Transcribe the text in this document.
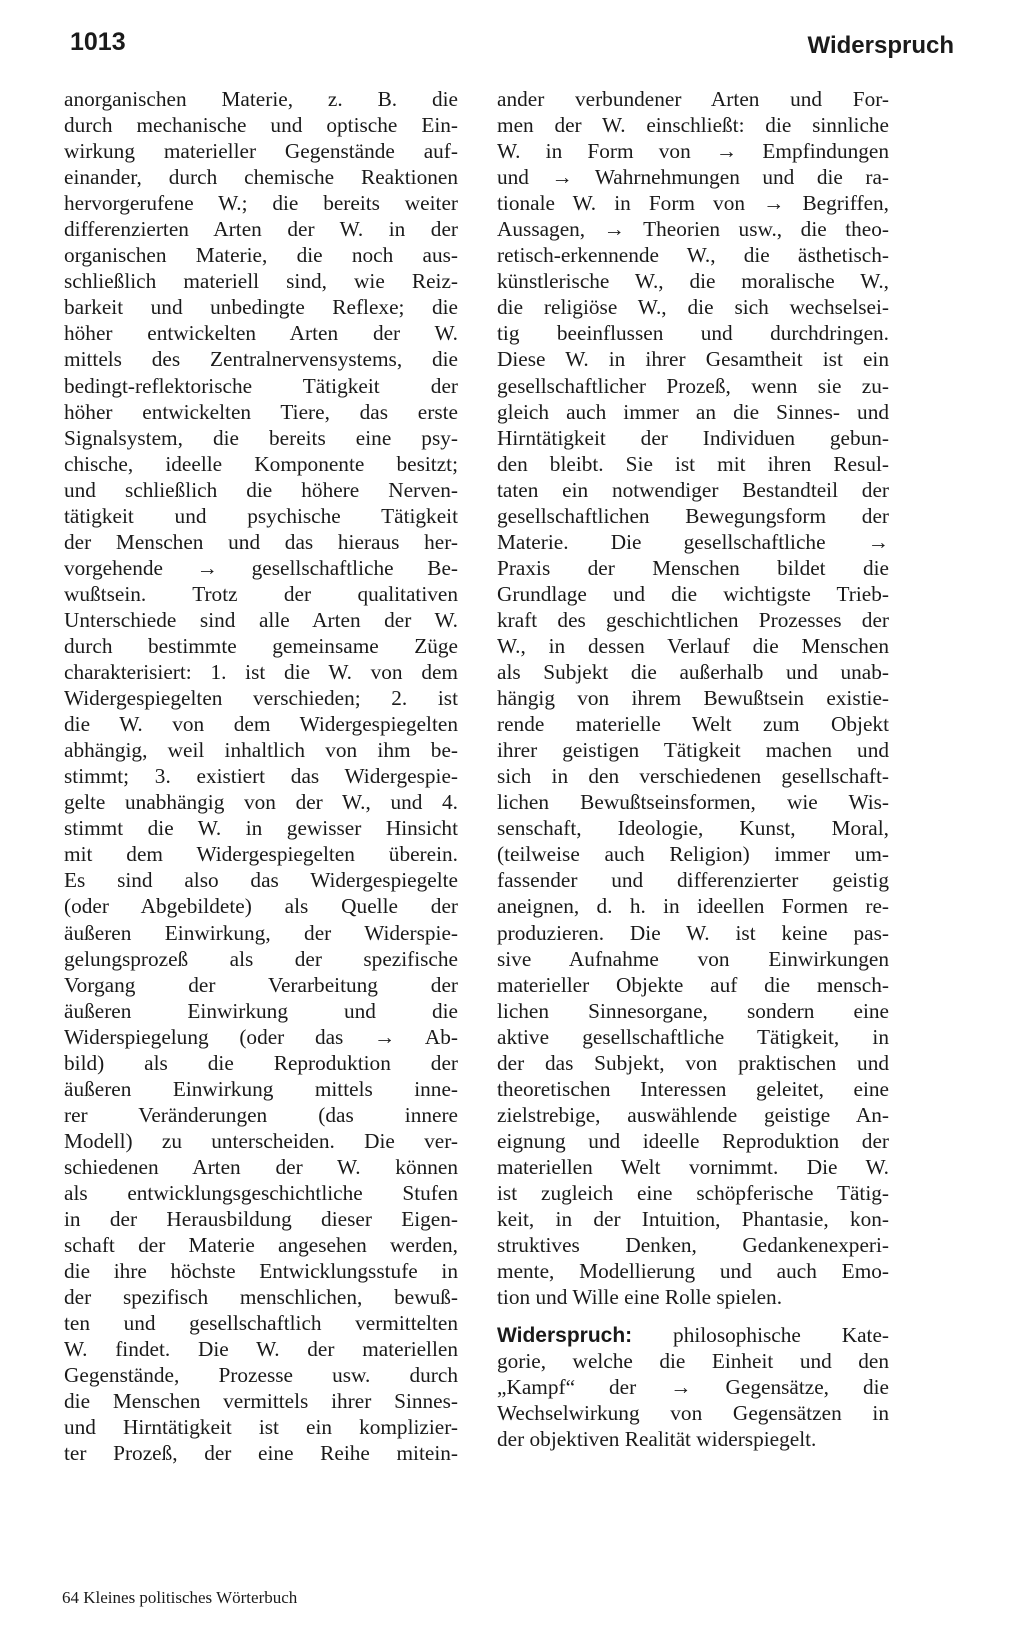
1013	Widerspruch
anorganischen Materie, z. B. die
durch mechanische und optische Ein-
wirkung materieller Gegenstände auf-
einander, durch chemische Reaktionen
hervorgerufene W.; die bereits weiter
differenzierten Arten der W. in der
organischen Materie, die noch aus-
schließlich materiell sind, wie Reiz-
barkeit und unbedingte Reflexe; die
höher entwickelten Arten der W.
mittels des Zentralnervensystems, die
bedingt-reflektorische Tätigkeit der
höher entwickelten Tiere, das erste
Signalsystem, die bereits eine psy-
chische, ideelle Komponente besitzt;
und schließlich die höhere Nerven-
tätigkeit und psychische Tätigkeit
der Menschen und das hieraus her-
vorgehende → gesellschaftliche Be-
wußtsein. Trotz der qualitativen
Unterschiede sind alle Arten der W.
durch bestimmte gemeinsame Züge
charakterisiert: 1. ist die W. von dem
Widergespiegelten verschieden; 2. ist
die W. von dem Widergespiegelten
abhängig, weil inhaltlich von ihm be-
stimmt; 3. existiert das Widergespie-
gelte unabhängig von der W., und 4.
stimmt die W. in gewisser Hinsicht
mit dem Widergespiegelten überein.
Es sind also das Widergespiegelte
(oder Abgebildete) als Quelle der
äußeren Einwirkung, der Widerspie-
gelungsprozeß als der spezifische
Vorgang der Verarbeitung der
äußeren Einwirkung und die
Widerspiegelung (oder das → Ab-
bild) als die Reproduktion der
äußeren Einwirkung mittels inne-
rer Veränderungen (das innere
Modell) zu unterscheiden. Die ver-
schiedenen Arten der W. können
als entwicklungsgeschichtliche Stufen
in der Herausbildung dieser Eigen-
schaft der Materie angesehen werden,
die ihre höchste Entwicklungsstufe in
der spezifisch menschlichen, bewuß-
ten und gesellschaftlich vermittelten
W. findet. Die W. der materiellen
Gegenstände, Prozesse usw. durch
die Menschen vermittels ihrer Sinnes-
und Hirntätigkeit ist ein komplizier-
ter Prozeß, der eine Reihe mitein-
ander verbundener Arten und For-
men der W. einschließt: die sinnliche
W. in Form von → Empfindungen
und → Wahrnehmungen und die ra-
tionale W. in Form von → Begriffen,
Aussagen, → Theorien usw., die theo-
retisch-erkennende W., die ästhetisch-
künstlerische W., die moralische W.,
die religiöse W., die sich wechselsei-
tig beeinflussen und durchdringen.
Diese W. in ihrer Gesamtheit ist ein
gesellschaftlicher Prozeß, wenn sie zu-
gleich auch immer an die Sinnes- und
Hirntätigkeit der Individuen gebun-
den bleibt. Sie ist mit ihren Resul-
taten ein notwendiger Bestandteil der
gesellschaftlichen Bewegungsform der
Materie. Die gesellschaftliche →
Praxis der Menschen bildet die
Grundlage und die wichtigste Trieb-
kraft des geschichtlichen Prozesses der
W., in dessen Verlauf die Menschen
als Subjekt die außerhalb und unab-
hängig von ihrem Bewußtsein existie-
rende materielle Welt zum Objekt
ihrer geistigen Tätigkeit machen und
sich in den verschiedenen gesellschaft-
lichen Bewußtseinsformen, wie Wis-
senschaft, Ideologie, Kunst, Moral,
(teilweise auch Religion) immer um-
fassender und differenzierter geistig
aneignen, d. h. in ideellen Formen re-
produzieren. Die W. ist keine pas-
sive Aufnahme von Einwirkungen
materieller Objekte auf die mensch-
lichen Sinnesorgane, sondern eine
aktive gesellschaftliche Tätigkeit, in
der das Subjekt, von praktischen und
theoretischen Interessen geleitet, eine
zielstrebige, auswählende geistige An-
eignung und ideelle Reproduktion der
materiellen Welt vornimmt. Die W.
ist zugleich eine schöpferische Tätig-
keit, in der Intuition, Phantasie, kon-
struktives Denken, Gedankenexperi-
mente, Modellierung und auch Emo-
tion und Wille eine Rolle spielen.
Widerspruch: philosophische Kate-
gorie, welche die Einheit und den
„Kampf“ der → Gegensätze, die
Wechselwirkung von Gegensätzen in
der objektiven Realität widerspiegelt.
64 Kleines politisches Wörterbuch
